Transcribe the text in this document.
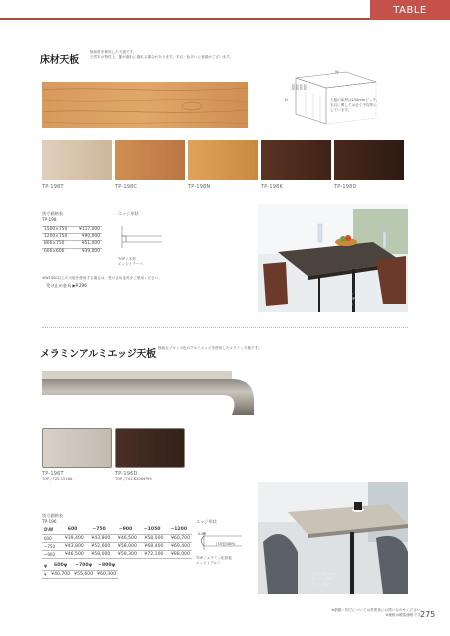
TABLE
床材天板
無垢材を使用した天板です。
天然木の特性上、節が割れに割れる場合があります。木目・色あいに表情がございます。
W
D
150 150 150 150
天板の床材は150mmピッチ。
木目に関しては全て不均等に
しています。
TP-198T	TP-198C	TP-198N	TP-198K	TP-198D
別寸価格表
TP-198
1500×750	¥117,000
1200×750	¥90,000
800×750	¥51,000
600×600	¥39,000
エッジ形状
TOP / 木材
エッジ / テーパ
※W1500以上の天板を使用する場合は、受け止め金具をご使用ください。
受け止め金具 ▶P.296
天板: TP-198C
脚: TP-185S
椅子: 別途
メラミンアルミエッジ天板
無垢なブロンズ色のアルミエッジを使用したメラミン天板です。
TP-196T
TOP / T25-1518A
TP-196D
TOP / T41-K2064*99
別寸価格表
TP-196
D\W	600	~750	~900	~1050	~1200
600	¥39,400	¥43,800	¥46,500	¥58,000	¥60,700
~750	¥43,800	¥52,600	¥58,000	¥68,400	¥69,400
~900	¥46,500	¥58,000	¥59,300	¥72,100	¥88,000
φ	600φ	~700φ	~800φ
¥	¥40,700	¥55,600	¥60,300
エッジ形状
0.8R
(35型/48R)
TOP / メラミン化粧板
エッジ / アルミ
天板: TP-196T
脚: TP-185S
椅子: 別途
※納期・別寸については営業者にお問い合わせください。
※価格は税抜価格です。
275
